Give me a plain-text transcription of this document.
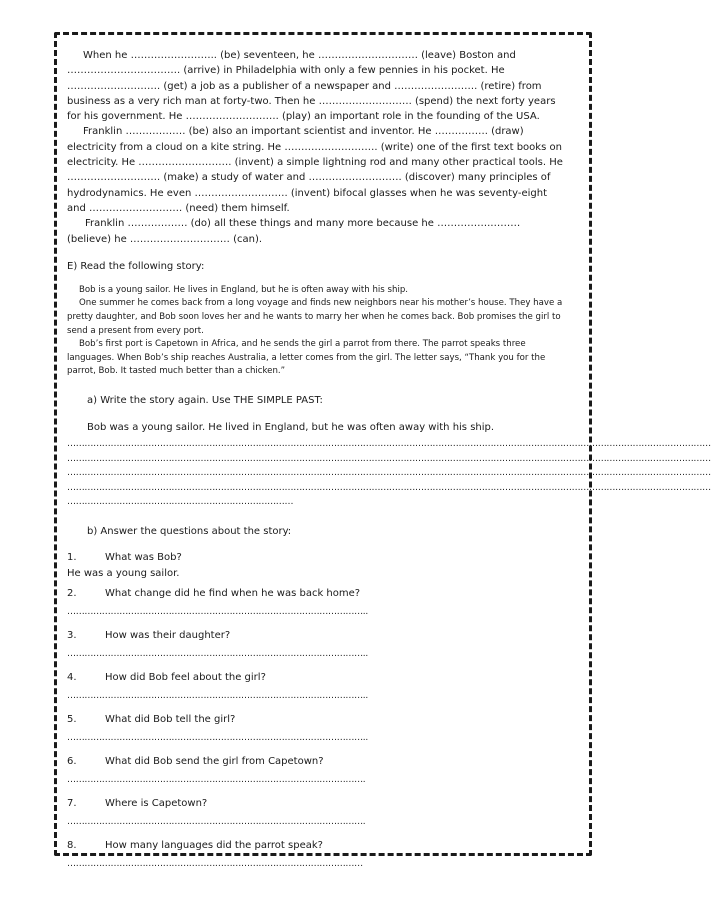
When he …………………….. (be) seventeen, he ………………………… (leave) Boston and ……………………………. (arrive) in Philadelphia with only a few pennies in his pocket. He ………………………. (get) a job as a publisher of a newspaper and ……………………. (retire) from business as a very rich man at forty-two. Then he ………………………. (spend) the next forty years for his government. He ………………………. (play) an important role in the founding of the USA.

Franklin ……………… (be) also an important scientist and inventor. He ……………. (draw) electricity from a cloud on a kite string. He ………………………. (write) one of the first text books on electricity. He ………………………. (invent) a simple lightning rod and many other practical tools. He ………………………. (make) a study of water and ………………………. (discover) many principles of hydrodynamics. He even ………………………. (invent) bifocal glasses when he was seventy-eight and ………………………. (need) them himself.

Franklin ……………… (do) all these things and many more because he …………….……… (believe) he ………………………… (can).

E) Read the following story:

Bob is a young sailor. He lives in England, but he is often away with his ship.

One summer he comes back from a long voyage and finds new neighbors near his mother’s house. They have a pretty daughter, and Bob soon loves her and he wants to marry her when he comes back. Bob promises the girl to send a present from every port.

Bob’s first port is Capetown in Africa, and he sends the girl a parrot from there. The parrot speaks three languages. When Bob’s ship reaches Australia, a letter comes from the girl. The letter says, “Thank you for the parrot, Bob. It tasted much better than a chicken.”

a) Write the story again. Use THE SIMPLE PAST:

Bob was a young sailor. He lived in England, but he was often away with his ship.

……………………………………………………………………………………………………………………………………………………………………………………………………

……………………………………………………………………………………………………………………………………………………………………………………………………

……………………………………………………………………………………………………………………………………………………………………………………………………

……………………………………………………………………………………………………………………………………………………………………………………………………

……………………………………………………………………

b) Answer the questions about the story:

1.	What was Bob?

He was a young sailor.

2.	What change did he find when he was back home?

…………………………………………………………………………………………..

3.	How was their daughter?

…………………………………………………………………………………………..

4.	How did Bob feel about the girl?

…………………………………………………………………………………………..

5.	What did Bob tell the girl?

…………………………………………………………………………………………..

6.	What did Bob send the girl from Capetown?

………………………………………………………………………………………….

7.	Where is Capetown?

………………………………………………………………………………………….

8.	How many languages did the parrot speak?

…………………………………………………………………………………………
